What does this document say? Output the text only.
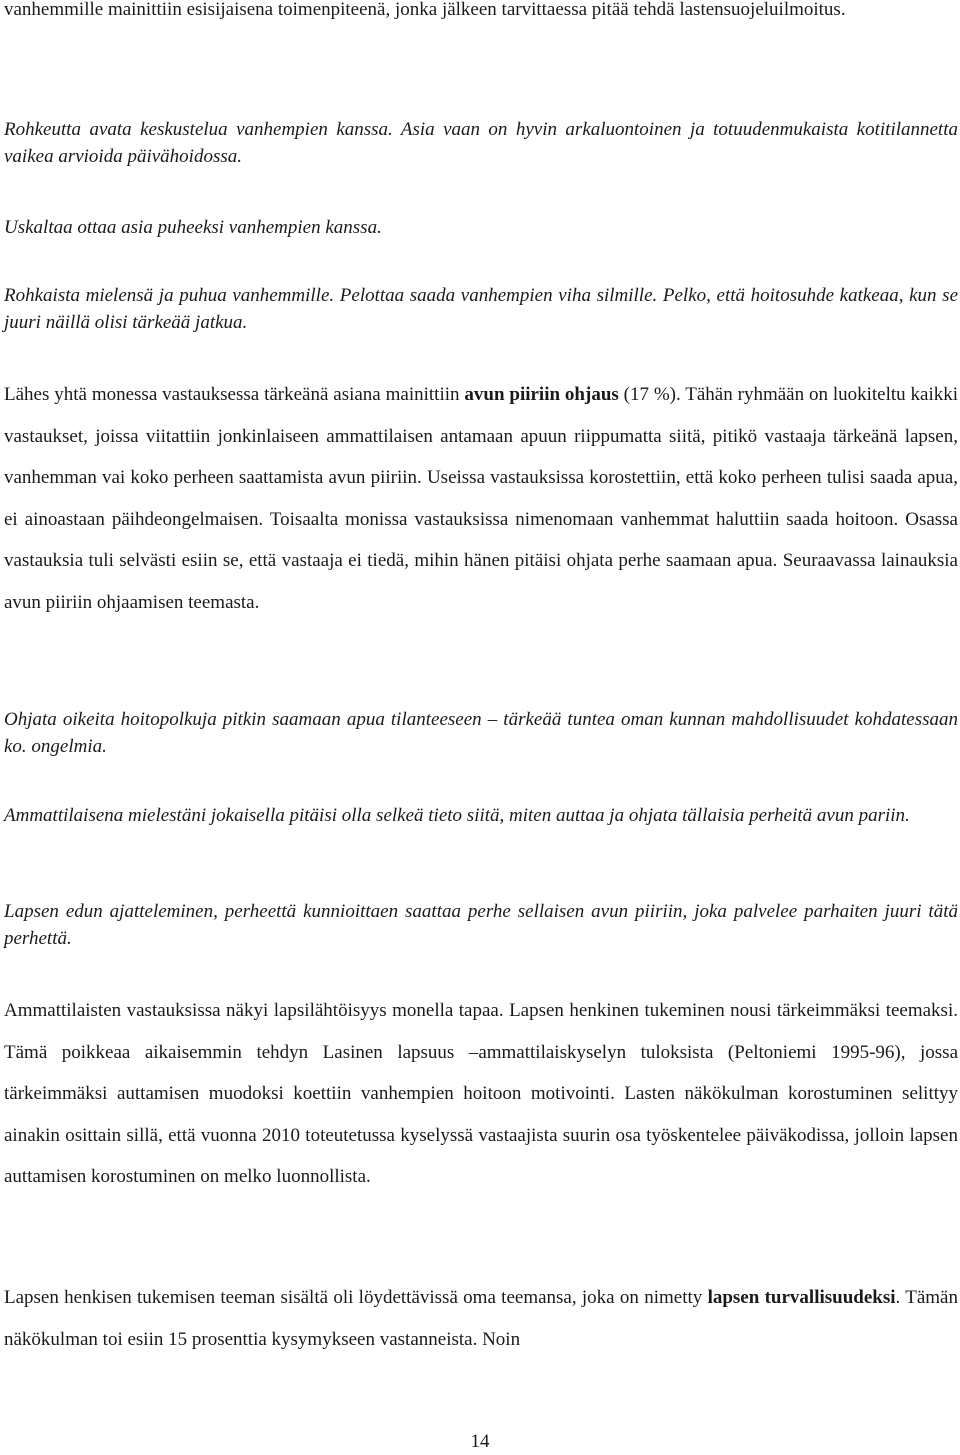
vanhemmille mainittiin esisijaisena toimenpiteenä, jonka jälkeen tarvittaessa pitää tehdä lastensuojeluilmoitus.

Rohkeutta avata keskustelua vanhempien kanssa. Asia vaan on hyvin arkaluontoinen ja totuudenmukaista kotitilannetta vaikea arvioida päivähoidossa.

Uskaltaa ottaa asia puheeksi vanhempien kanssa.

Rohkaista mielensä ja puhua vanhemmille. Pelottaa saada vanhempien viha silmille. Pelko, että hoitosuhde katkeaa, kun se juuri näillä olisi tärkeää jatkua.

Lähes yhtä monessa vastauksessa tärkeänä asiana mainittiin avun piiriin ohjaus (17 %). Tähän ryhmään on luokiteltu kaikki vastaukset, joissa viitattiin jonkinlaiseen ammattilaisen antamaan apuun riippumatta siitä, pitikö vastaaja tärkeänä lapsen, vanhemman vai koko perheen saattamista avun piiriin. Useissa vastauksissa korostettiin, että koko perheen tulisi saada apua, ei ainoastaan päihdeongelmaisen. Toisaalta monissa vastauksissa nimenomaan vanhemmat haluttiin saada hoitoon. Osassa vastauksia tuli selvästi esiin se, että vastaaja ei tiedä, mihin hänen pitäisi ohjata perhe saamaan apua. Seuraavassa lainauksia avun piiriin ohjaamisen teemasta.

Ohjata oikeita hoitopolkuja pitkin saamaan apua tilanteeseen – tärkeää tuntea oman kunnan mahdollisuudet kohdatessaan ko. ongelmia.

Ammattilaisena mielestäni jokaisella pitäisi olla selkeä tieto siitä, miten auttaa ja ohjata tällaisia perheitä avun pariin.

Lapsen edun ajatteleminen, perheettä kunnioittaen saattaa perhe sellaisen avun piiriin, joka palvelee parhaiten juuri tätä perhettä.

Ammattilaisten vastauksissa näkyi lapsilähtöisyys monella tapaa. Lapsen henkinen tukeminen nousi tärkeimmäksi teemaksi. Tämä poikkeaa aikaisemmin tehdyn Lasinen lapsuus –ammattilaiskyselyn tuloksista (Peltoniemi 1995-96), jossa tärkeimmäksi auttamisen muodoksi koettiin vanhempien hoitoon motivointi. Lasten näkökulman korostuminen selittyy ainakin osittain sillä, että vuonna 2010 toteutetussa kyselyssä vastaajista suurin osa työskentelee päiväkodissa, jolloin lapsen auttamisen korostuminen on melko luonnollista.

Lapsen henkisen tukemisen teeman sisältä oli löydettävissä oma teemansa, joka on nimetty lapsen turvallisuudeksi. Tämän näkökulman toi esiin 15 prosenttia kysymykseen vastanneista. Noin

14
